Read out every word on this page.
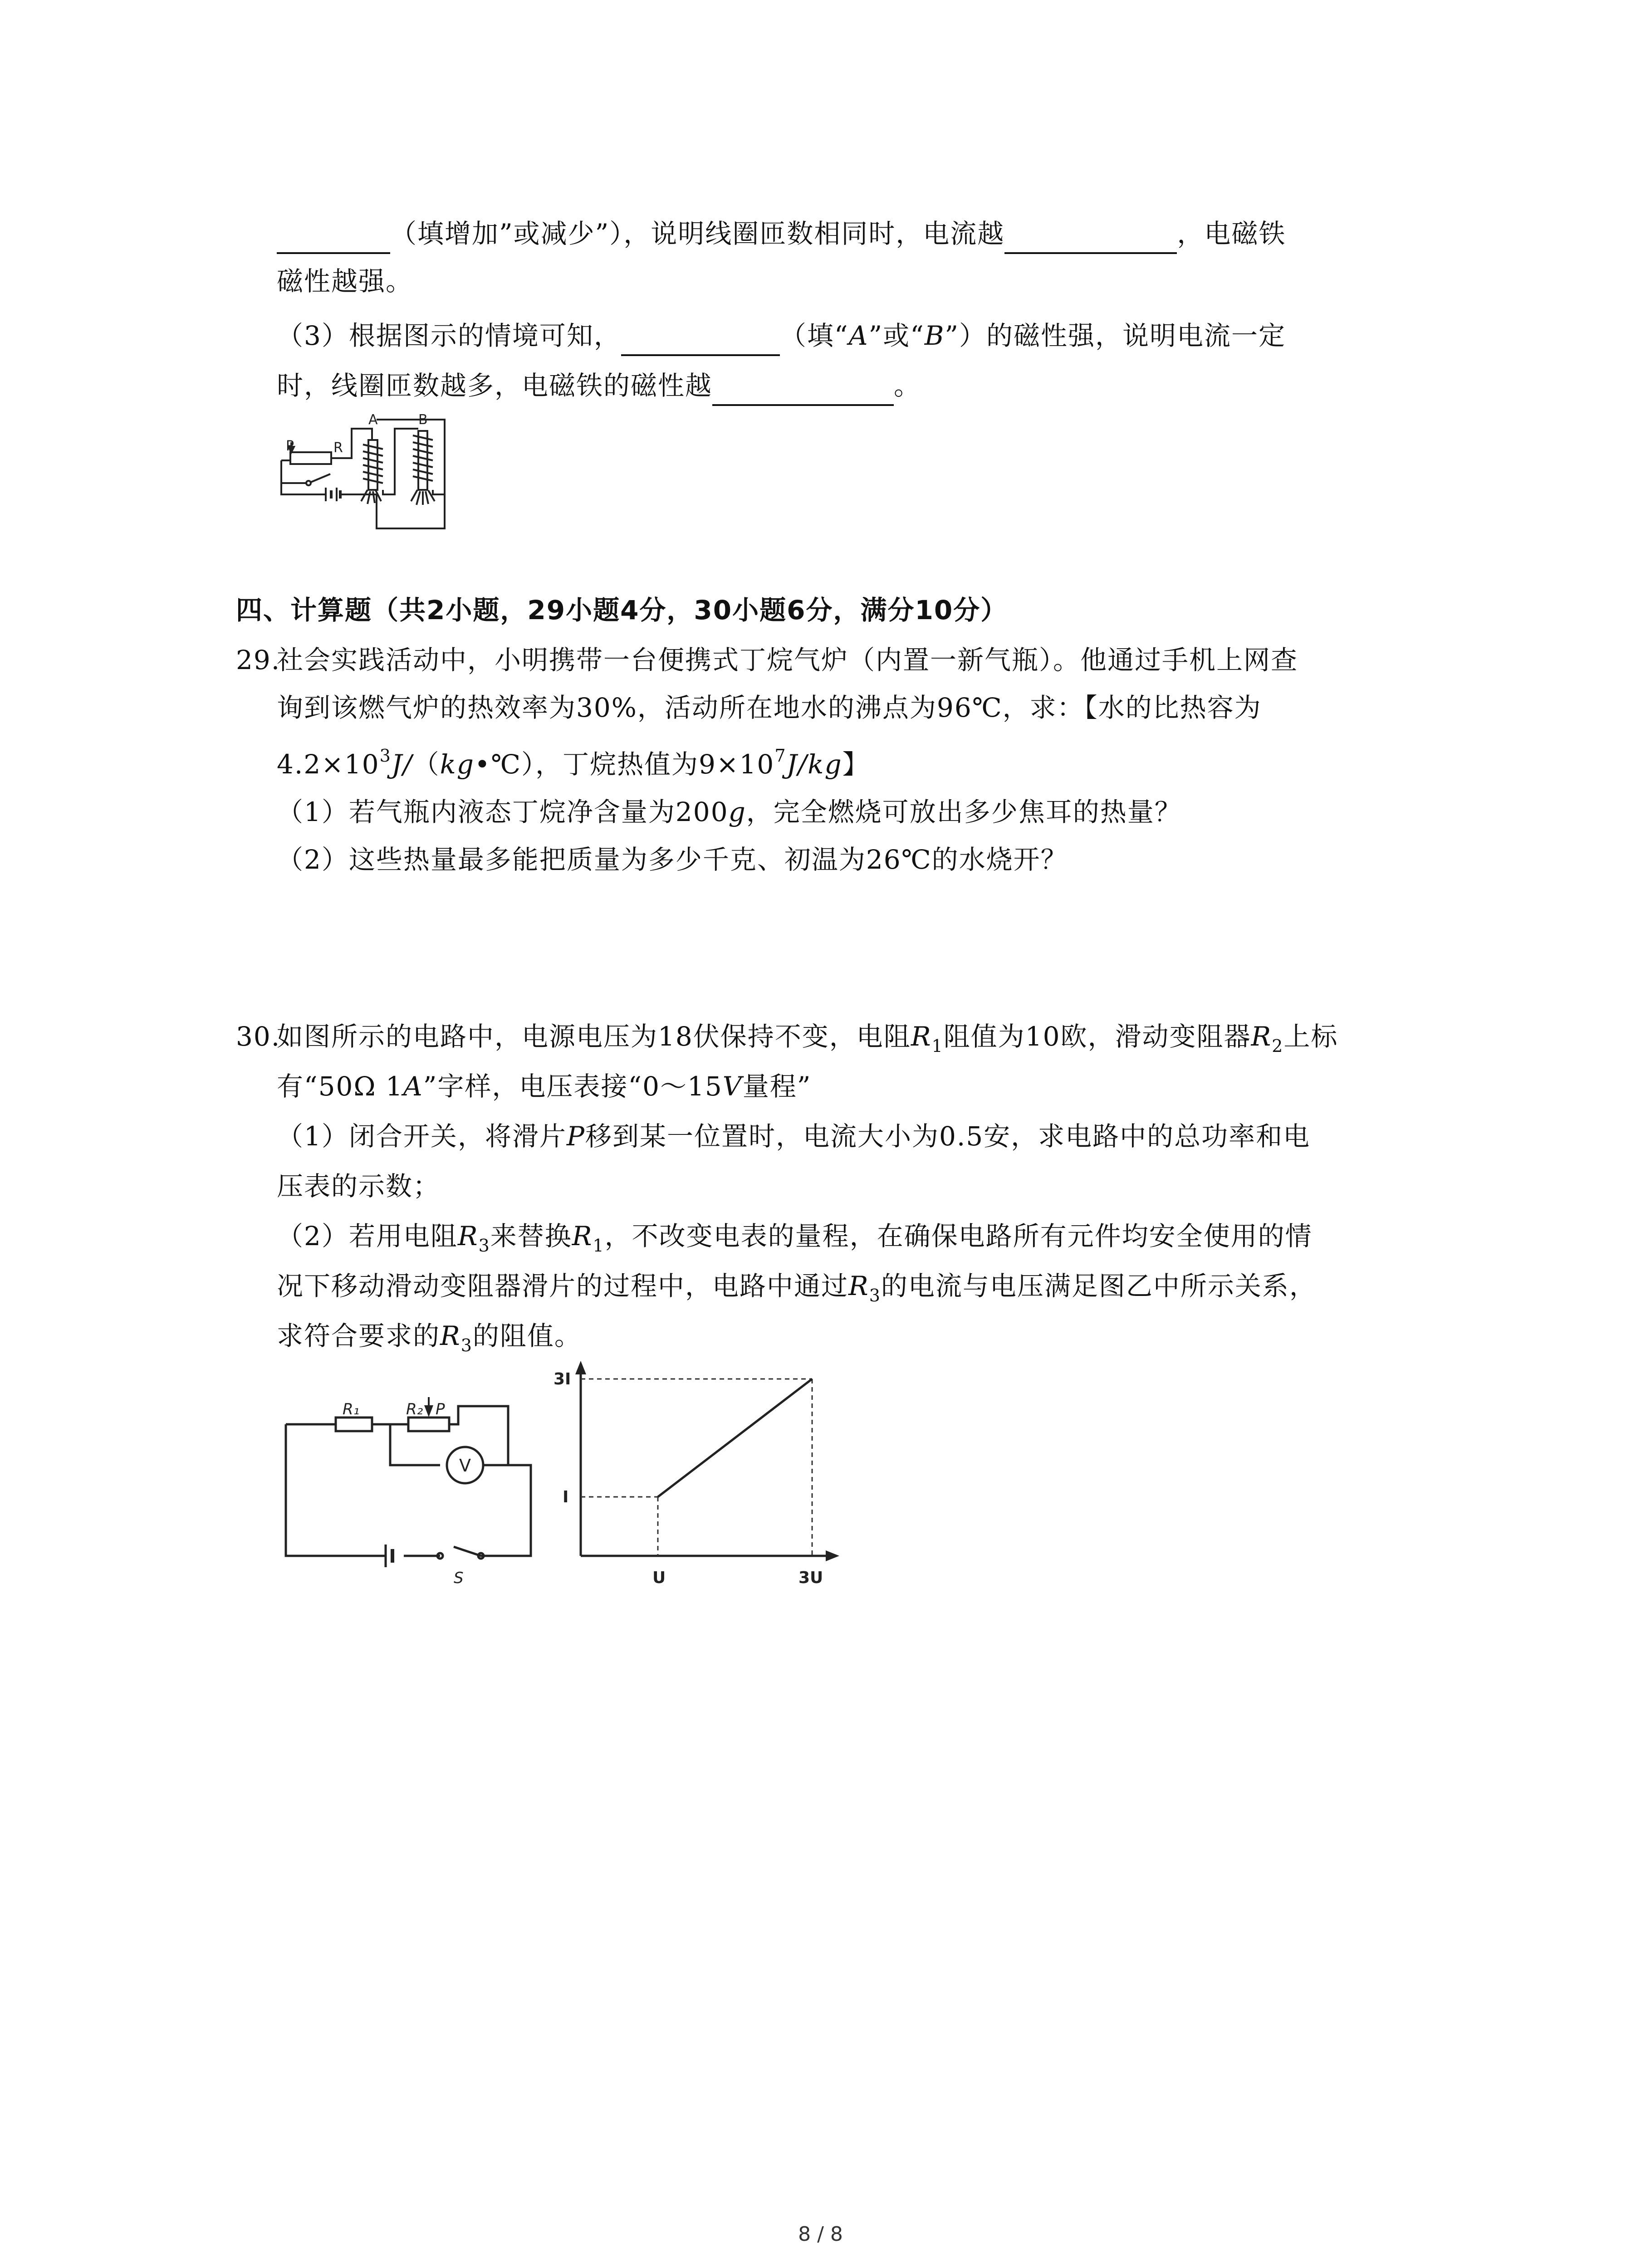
（填增加”或减少”），说明线圈匝数相同时，电流越	，电磁铁
磁性越强。
（3）根据图示的情境可知，	（填“A”或“B”）的磁性强，说明电流一定
时，线圈匝数越多，电磁铁的磁性越	。
P	R
A	B
四、计算题（共2小题，29小题4分，30小题6分，满分10分）
29.社会实践活动中，小明携带一台便携式丁烷气炉（内置一新气瓶）。他通过手机上网查
询到该燃气炉的热效率为30%，活动所在地水的沸点为96℃，求：【水的比热容为
$4.2\times 10^3J/(kg•℃)$，丁烷热值为$9\times 10^7J/kg$】
（1）若气瓶内液态丁烷净含量为200g，完全燃烧可放出多少焦耳的热量？
（2）这些热量最多能把质量为多少千克、初温为26℃的水烧开？
30.如图所示的电路中，电源电压为18伏保持不变，电阻$R_1$阻值为10欧，滑动变阻器$R_2$上标
有“50Ω 1A”字样，电压表接“0～15V量程”
（1）闭合开关，将滑片P移到某一位置时，电流大小为0.5安，求电路中的总功率和电
压表的示数；
（2）若用电阻$R_3$来替换$R_1$，不改变电表的量程，在确保电路所有元件均安全使用的情
况下移动滑动变阻器滑片的过程中，电路中通过$R_3$的电流与电压满足图乙中所示关系，
求符合要求的$R_3$的阻值。
R₁	R₂ P
V
S
3I
I
U	3U
8 / 8
